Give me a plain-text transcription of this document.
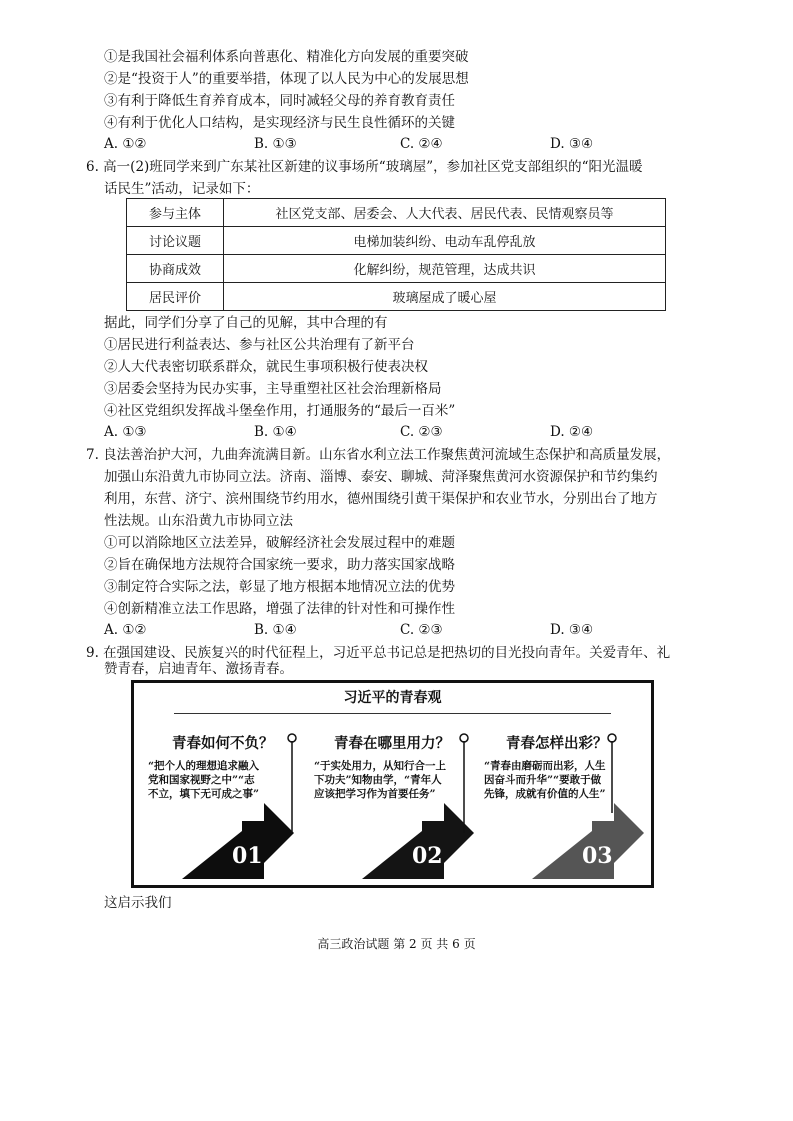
①是我国社会福利体系向普惠化、精准化方向发展的重要突破
②是“投资于人”的重要举措，体现了以人民为中心的发展思想
③有利于降低生育养育成本，同时减轻父母的养育教育责任
④有利于优化人口结构，是实现经济与民生良性循环的关键
A. ①②	B. ①③	C. ②④	D. ③④
6. 高一(2)班同学来到广东某社区新建的议事场所“玻璃屋”，参加社区党支部组织的“阳光温暖
话民生”活动，记录如下：
参与主体	社区党支部、居委会、人大代表、居民代表、民情观察员等
讨论议题	电梯加装纠纷、电动车乱停乱放
协商成效	化解纠纷，规范管理，达成共识
居民评价	玻璃屋成了暖心屋
据此，同学们分享了自己的见解，其中合理的有
①居民进行利益表达、参与社区公共治理有了新平台
②人大代表密切联系群众，就民生事项积极行使表决权
③居委会坚持为民办实事，主导重塑社区社会治理新格局
④社区党组织发挥战斗堡垒作用，打通服务的“最后一百米”
A. ①③	B. ①④	C. ②③	D. ②④
7. 良法善治护大河，九曲奔流满目新。山东省水利立法工作聚焦黄河流域生态保护和高质量发展，
加强山东沿黄九市协同立法。济南、淄博、泰安、聊城、菏泽聚焦黄河水资源保护和节约集约
利用，东营、济宁、滨州围绕节约用水，德州围绕引黄干渠保护和农业节水，分别出台了地方
性法规。山东沿黄九市协同立法
①可以消除地区立法差异，破解经济社会发展过程中的难题
②旨在确保地方法规符合国家统一要求，助力落实国家战略
③制定符合实际之法，彰显了地方根据本地情况立法的优势
④创新精准立法工作思路，增强了法律的针对性和可操作性
A. ①②	B. ①④	C. ②③	D. ③④
9. 在强国建设、民族复兴的时代征程上，习近平总书记总是把热切的目光投向青年。关爱青年、礼
赞青春，启迪青年、激扬青春。
习近平的青春观
青春如何不负？
“把个人的理想追求融入
党和国家视野之中”“志
不立，填下无可成之事”
01
青春在哪里用力？
“于实处用力，从知行合一上
下功夫”知物由学，“青年人
应该把学习作为首要任务”
02
青春怎样出彩？
“青春由磨砺而出彩，人生
因奋斗而升华”“要敢于做
先锋，成就有价值的人生”
03
这启示我们
高三政治试题 第 2 页 共 6 页
